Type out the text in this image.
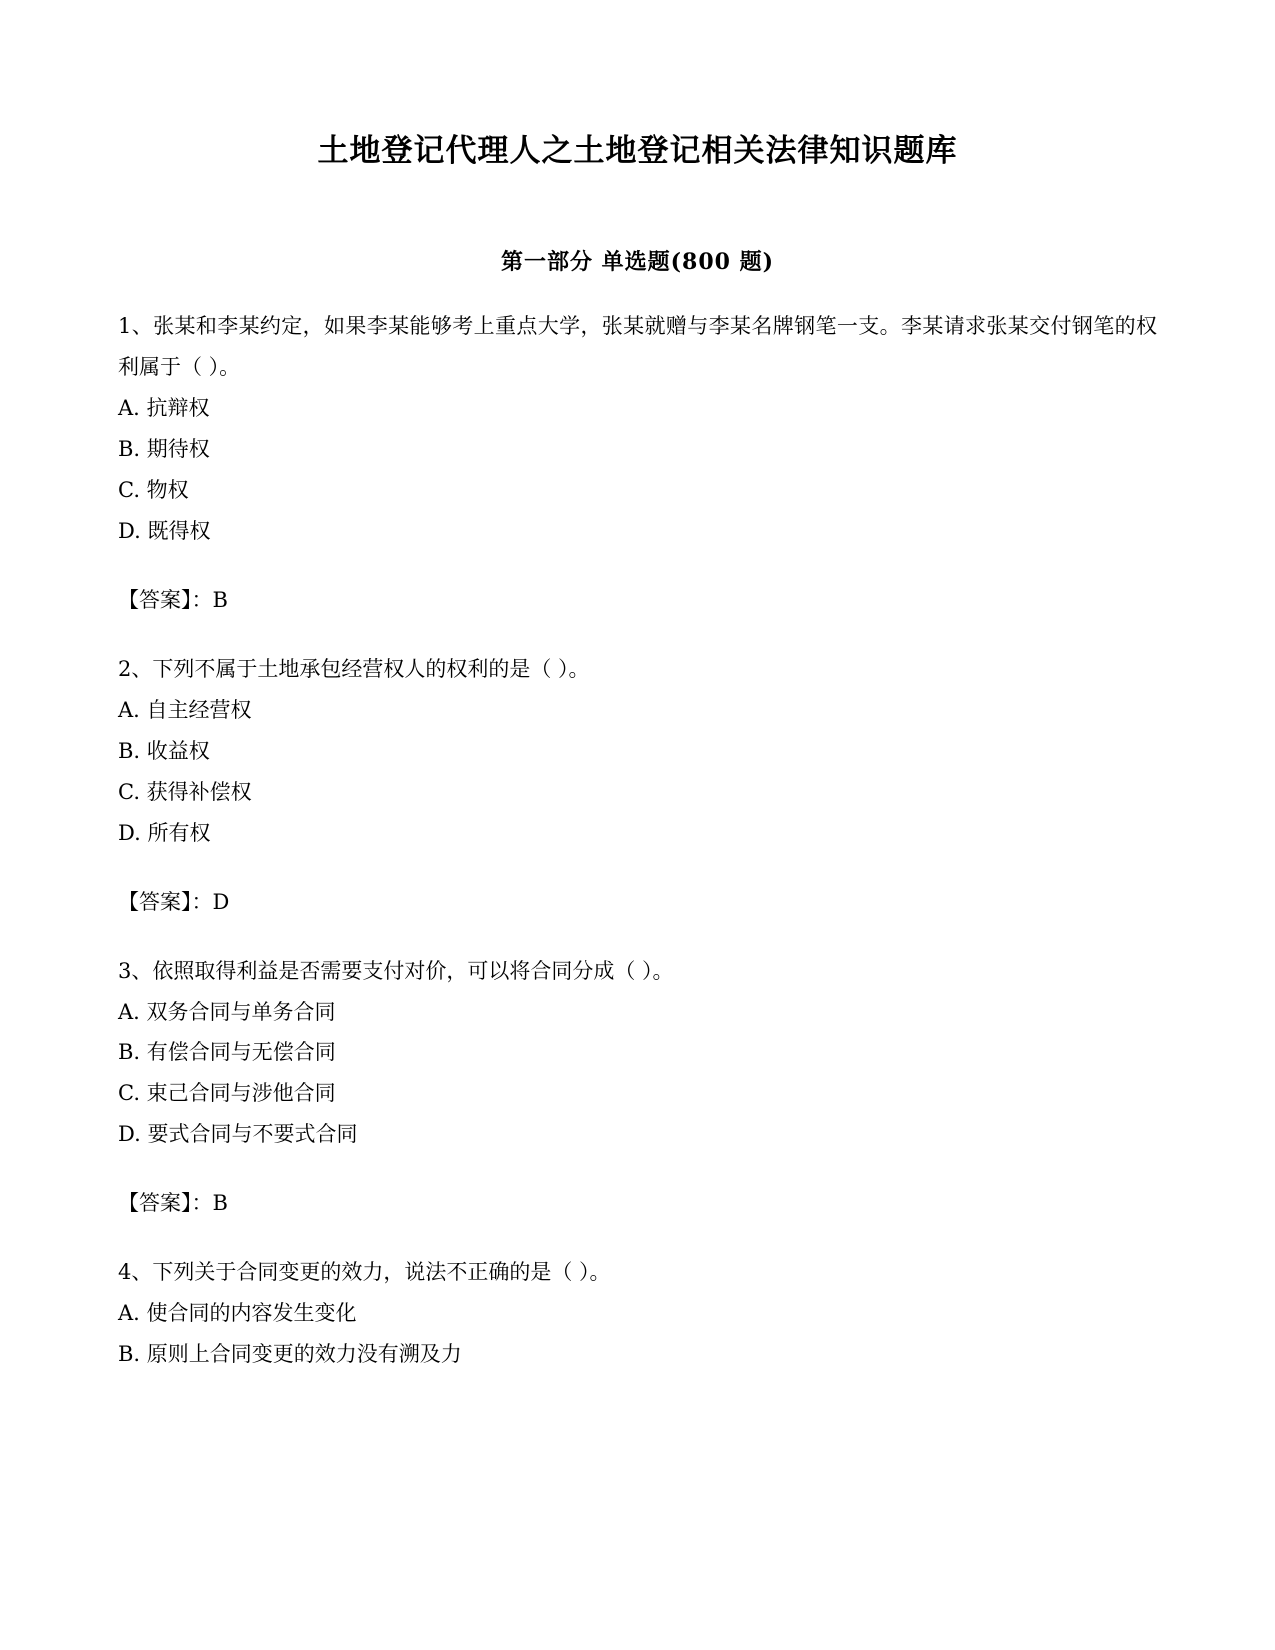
土地登记代理人之土地登记相关法律知识题库
第一部分 单选题(800 题)

1、张某和李某约定，如果李某能够考上重点大学，张某就赠与李某名牌钢笔一支。李某请求张某交付钢笔的权利属于（ ）。

A. 抗辩权

B. 期待权

C. 物权

D. 既得权

【答案】：B

2、下列不属于土地承包经营权人的权利的是（ ）。

A. 自主经营权

B. 收益权

C. 获得补偿权

D. 所有权

【答案】：D

3、依照取得利益是否需要支付对价，可以将合同分成（ ）。

A. 双务合同与单务合同

B. 有偿合同与无偿合同

C. 束己合同与涉他合同

D. 要式合同与不要式合同

【答案】：B

4、下列关于合同变更的效力，说法不正确的是（ ）。

A. 使合同的内容发生变化

B. 原则上合同变更的效力没有溯及力
